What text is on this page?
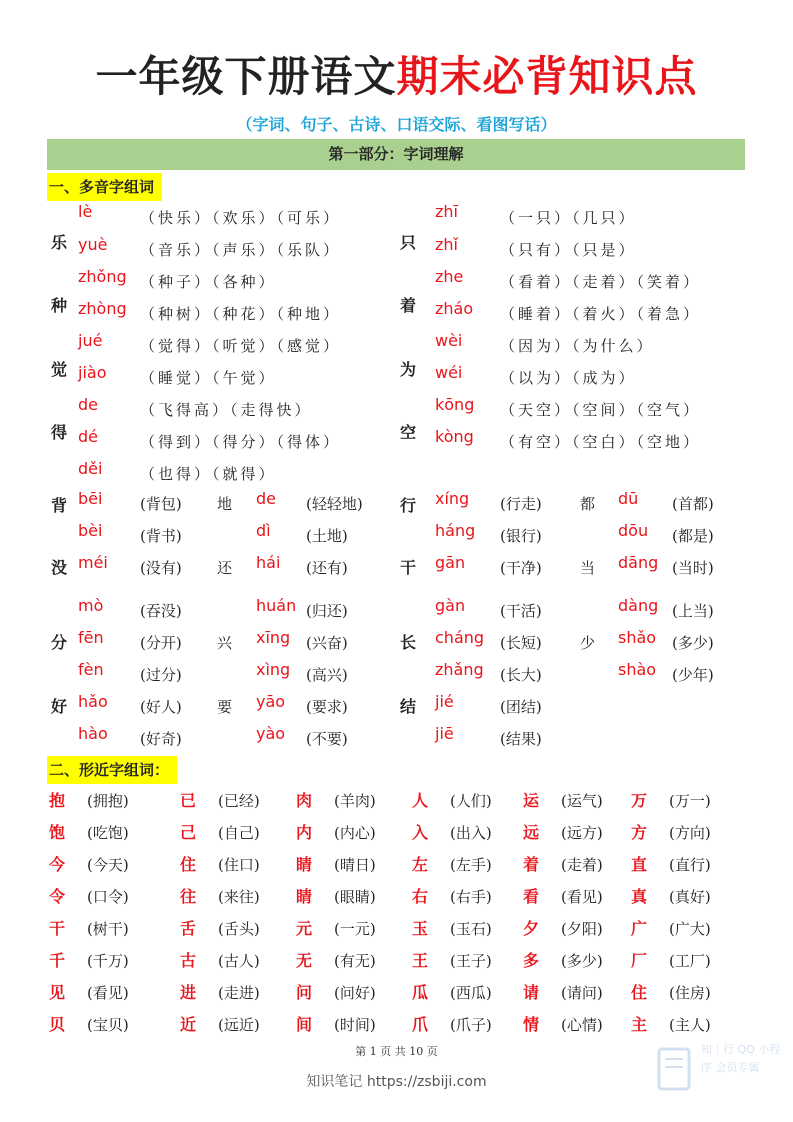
一年级下册语文期末必背知识点
（字词、句子、古诗、口语交际、看图写话）
第一部分：字词理解
一、多音字组词
乐
lè	（快乐）（欢乐）（可乐）
yuè （音乐）（声乐）（乐队）
种
zhǒng （种子）（各种）
zhòng （种树）（种花）（种地）
觉
jué	（觉得）（听觉）（感觉）
jiào （睡觉）（午觉）
得
de	（飞得高）（走得快）
dé	（得到）（得分）（得体）
děi	（也得）（就得）
只
zhī	（一只）（几只）
zhǐ	（只有）（只是）
着
zhe （看着）（走着）（笑着）
zháo （睡着）（着火）（着急）
为
wèi	（因为）（为什么）
wéi	（以为）（成为）
空
kōng （天空）（空间）（空气）
kòng （有空）（空白）（空地）
背 bēi	(背包)
bèi	(背书)
地 de (轻轻地)
dì (土地)
没 méi (没有)
mò (吞没)
还 hái (还有)
huán (归还)
分 fēn (分开)
fèn (过分)
兴 xīng (兴奋)
xìng (高兴)
好 hǎo (好人)
hào (好奇)
要 yāo (要求)
yào (不要)
行 xíng (行走)
háng (银行)
都 dū (首都)
dōu (都是)
干 gān (干净)
gàn (干活)
当 dāng (当时)
dàng (上当)
长 cháng (长短)
zhǎng (长大)
少 shǎo (多少)
shào (少年)
结 jié	(团结)
jiē	(结果)
二、形近字组词：
抱 (拥抱)	已 (已经) 肉 (羊肉) 人 (人们) 运 (运气) 万 (万一)
饱 (吃饱)	己 (自己) 内 (内心) 入 (出入) 远 (远方) 方 (方向)
今 (今天)	住 (住口) 睛 (晴日) 左 (左手) 着 (走着) 直 (直行)
令 (口令)	往 (来往) 睛 (眼睛) 右 (右手) 看 (看见) 真 (真好)
干 (树干)	舌 (舌头) 元 (一元) 玉 (玉石) 夕 (夕阳) 广 (广大)
千 (千万)	古 (古人) 无 (有无) 王 (王子) 多 (多少) 厂 (工厂)
见 (看见)	进 (走进) 问 (问好) 瓜 (西瓜) 请 (请问) 住 (住房)
贝 (宝贝)	近 (远近) 间 (时间) 爪 (爪子) 情 (心情) 主 (主人)
第 1 页 共 10 页
知识笔记 https://zsbiji.com
知｜行 QQ 小程序 会员专属
